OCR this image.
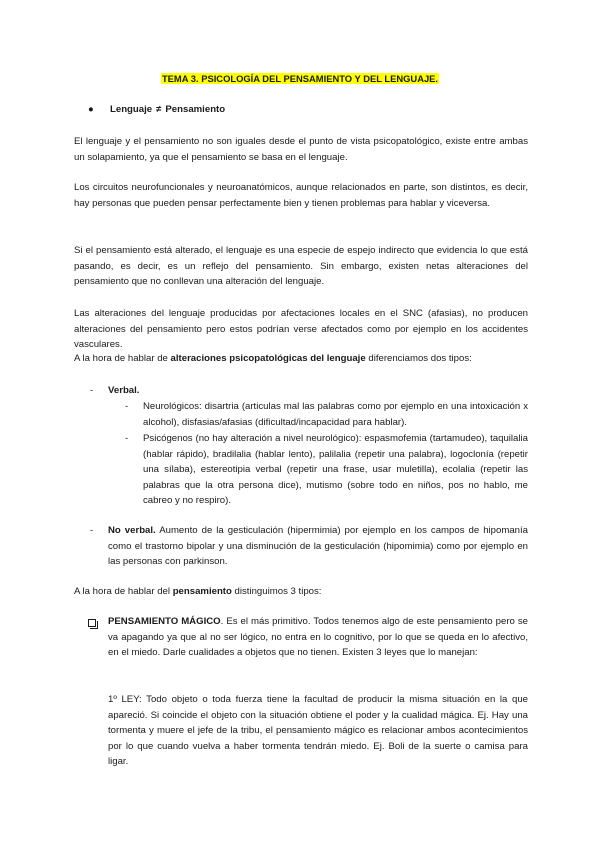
TEMA 3. PSICOLOGÍA DEL PENSAMIENTO Y DEL LENGUAJE.
● Lenguaje ≠ Pensamiento

El lenguaje y el pensamiento no son iguales desde el punto de vista psicopatológico, existe entre ambas un solapamiento, ya que el pensamiento se basa en el lenguaje.

Los circuitos neurofuncionales y neuroanatómicos, aunque relacionados en parte, son distintos, es decir, hay personas que pueden pensar perfectamente bien y tienen problemas para hablar y viceversa.

Si el pensamiento está alterado, el lenguaje es una especie de espejo indirecto que evidencia lo que está pasando, es decir, es un reflejo del pensamiento. Sin embargo, existen netas alteraciones del pensamiento que no conllevan una alteración del lenguaje.

Las alteraciones del lenguaje producidas por afectaciones locales en el SNC (afasias), no producen alteraciones del pensamiento pero estos podrían verse afectados como por ejemplo en los accidentes vasculares.

A la hora de hablar de alteraciones psicopatológicas del lenguaje diferenciamos dos tipos:

- Verbal.
- Neurológicos: disartria (articulas mal las palabras como por ejemplo en una intoxicación x alcohol), disfasias/afasias (dificultad/incapacidad para hablar).

- Psicógenos (no hay alteración a nivel neurológico): espasmofemia (tartamudeo), taquilalia (hablar rápido), bradilalia (hablar lento), palilalia (repetir una palabra), logoclonía (repetir una sílaba), estereotipia verbal (repetir una frase, usar muletilla), ecolalia (repetir las palabras que la otra persona dice), mutismo (sobre todo en niños, pos no hablo, me cabreo y no respiro).

- No verbal. Aumento de la gesticulación (hipermimia) por ejemplo en los campos de hipomanía como el trastorno bipolar y una disminución de la gesticulación (hipomimia) como por ejemplo en las personas con parkinson.

A la hora de hablar del pensamiento distinguimos 3 tipos:

PENSAMIENTO MÁGICO. Es el más primitivo. Todos tenemos algo de este pensamiento pero se va apagando ya que al no ser lógico, no entra en lo cognitivo, por lo que se queda en lo afectivo, en el miedo. Darle cualidades a objetos que no tienen. Existen 3 leyes que lo manejan:

1º LEY: Todo objeto o toda fuerza tiene la facultad de producir la misma situación en la que apareció. Si coincide el objeto con la situación obtiene el poder y la cualidad mágica. Ej. Hay una tormenta y muere el jefe de la tribu, el pensamiento mágico es relacionar ambos acontecimientos por lo que cuando vuelva a haber tormenta tendrán miedo. Ej. Boli de la suerte o camisa para ligar.
